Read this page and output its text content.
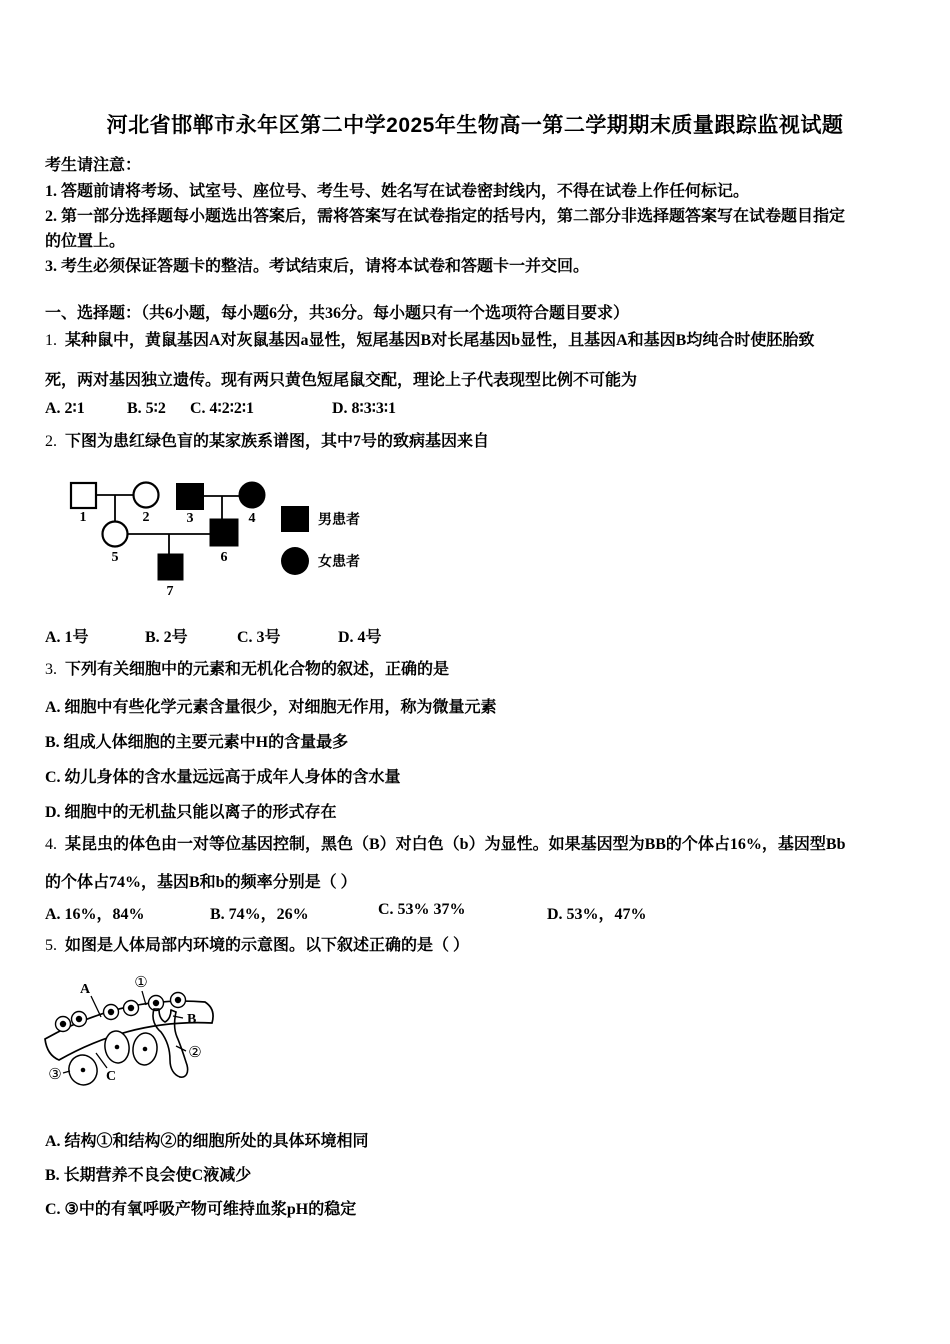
河北省邯郸市永年区第二中学2025年生物高一第二学期期末质量跟踪监视试题
考生请注意：
1. 答题前请将考场、试室号、座位号、考生号、姓名写在试卷密封线内，不得在试卷上作任何标记。
2. 第一部分选择题每小题选出答案后，需将答案写在试卷指定的括号内，第二部分非选择题答案写在试卷题目指定
的位置上。
3. 考生必须保证答题卡的整洁。考试结束后，请将本试卷和答题卡一并交回。
一、选择题：（共6小题，每小题6分，共36分。每小题只有一个选项符合题目要求）
1. 某种鼠中，黄鼠基因A对灰鼠基因a显性，短尾基因B对长尾基因b显性，且基因A和基因B均纯合时使胚胎致
死，两对基因独立遗传。现有两只黄色短尾鼠交配，理论上子代表现型比例不可能为
A. 2∶1	B. 5∶2 C. 4∶2∶2∶1	D. 8∶3∶3∶1
2. 下图为患红绿色盲的某家族系谱图，其中7号的致病基因来自
1	2	3	4
5	6
7
男患者
女患者
A. 1号	B. 2号	C. 3号	D. 4号
3. 下列有关细胞中的元素和无机化合物的叙述，正确的是
A. 细胞中有些化学元素含量很少，对细胞无作用，称为微量元素
B. 组成人体细胞的主要元素中H的含量最多
C. 幼儿身体的含水量远远高于成年人身体的含水量
D. 细胞中的无机盐只能以离子的形式存在
4. 某昆虫的体色由一对等位基因控制，黑色（B）对白色（b）为显性。如果基因型为BB的个体占16%，基因型Bb
的个体占74%，基因B和b的频率分别是（ ）
A. 16%，84%	B. 74%，26%	C. 53% 37%	D. 53%，47%
5. 如图是人体局部内环境的示意图。以下叙述正确的是（ ）
A	①
B
②
③	C
A. 结构①和结构②的细胞所处的具体环境相同
B. 长期营养不良会使C液减少
C. ③中的有氧呼吸产物可维持血浆pH的稳定
